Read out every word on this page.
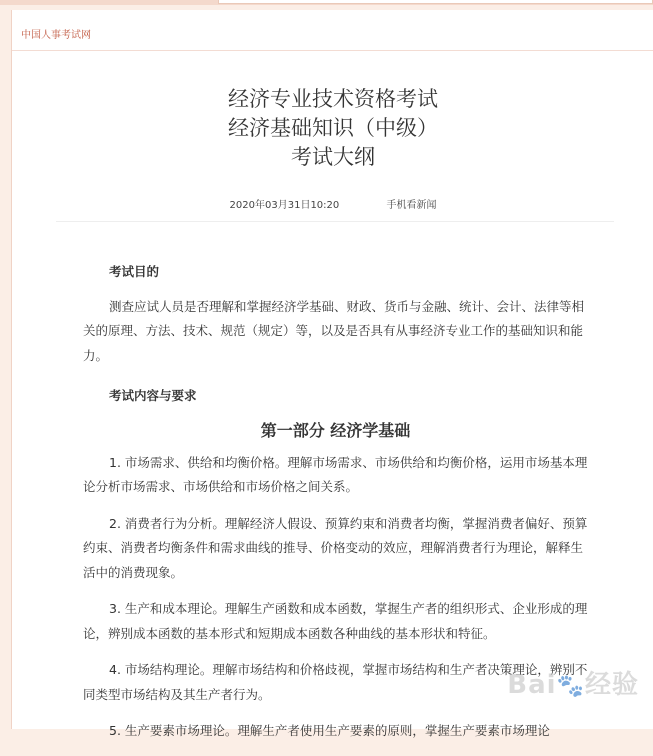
中国人事考试网
经济专业技术资格考试
经济基础知识（中级）
考试大纲
2020年03月31日10:20	手机看新闻
考试目的
测查应试人员是否理解和掌握经济学基础、财政、货币与金融、统计、会计、法律等相关的原理、方法、技术、规范（规定）等，以及是否具有从事经济专业工作的基础知识和能力。
考试内容与要求
第一部分 经济学基础
1. 市场需求、供给和均衡价格。理解市场需求、市场供给和均衡价格，运用市场基本理论分析市场需求、市场供给和市场价格之间关系。
2. 消费者行为分析。理解经济人假设、预算约束和消费者均衡，掌握消费者偏好、预算约束、消费者均衡条件和需求曲线的推导、价格变动的效应，理解消费者行为理论，解释生活中的消费现象。
3. 生产和成本理论。理解生产函数和成本函数，掌握生产者的组织形式、企业形成的理论，辨别成本函数的基本形式和短期成本函数各种曲线的基本形状和特征。
4. 市场结构理论。理解市场结构和价格歧视，掌握市场结构和生产者决策理论，辨别不同类型市场结构及其生产者行为。
5. 生产要素市场理论。理解生产者使用生产要素的原则，掌握生产要素市场理论
Bai🐾经验
